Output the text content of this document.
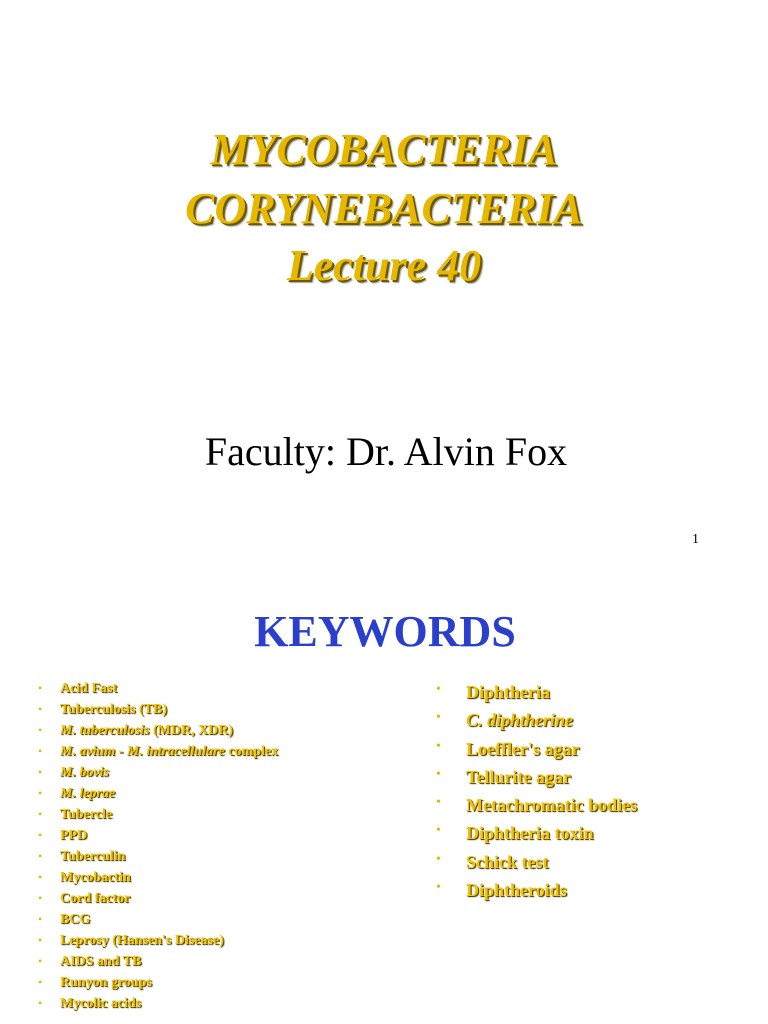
MYCOBACTERIA
CORYNEBACTERIA
Lecture 40
Faculty: Dr. Alvin Fox
1
KEYWORDS
• Acid Fast
• Tuberculosis (TB)
• M. tuberculosis (MDR, XDR)
• M. avium - M. intracellulare complex
• M. bovis
• M. leprae
• Tubercle
• PPD
• Tuberculin
• Mycobactin
• Cord factor
• BCG
• Leprosy (Hansen's Disease)
• AIDS and TB
• Runyon groups
• Mycolic acids
• Diphtheria
• C. diphtherine
• Loeffler's agar
• Tellurite agar
• Metachromatic bodies
• Diphtheria toxin
• Schick test
• Diphtheroids
